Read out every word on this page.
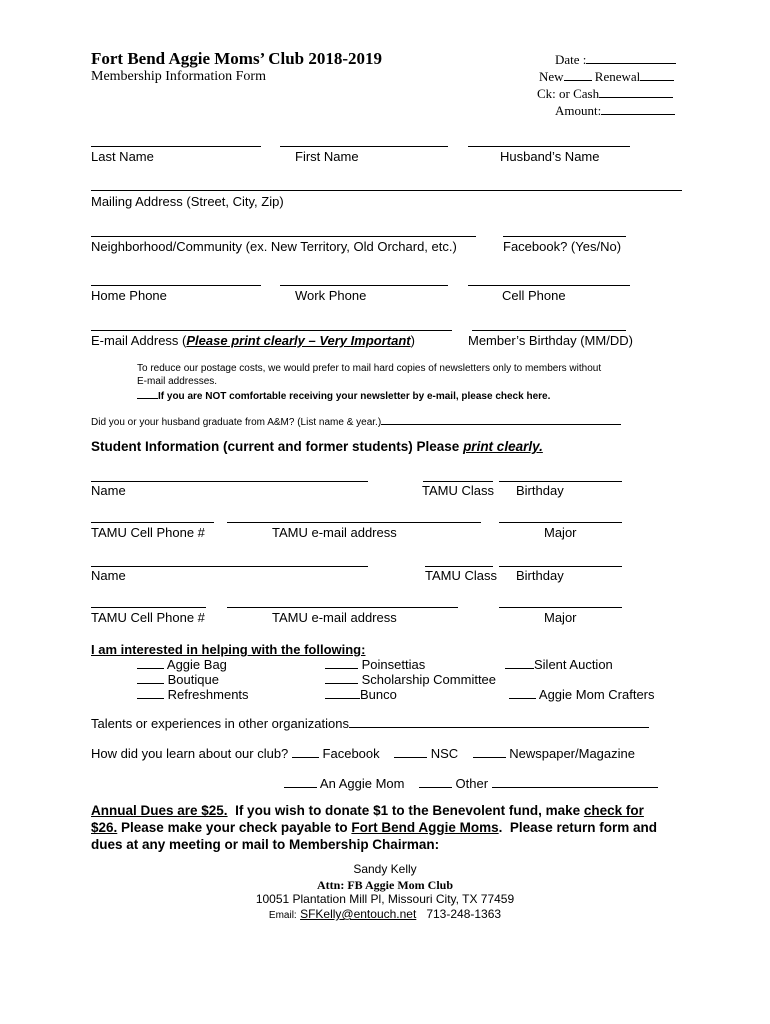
Fort Bend Aggie Moms’ Club 2018-2019
Membership Information Form
Date :
New Renewal
Ck: or Cash
Amount:
Last Name	First Name	Husband’s Name
Mailing Address (Street, City, Zip)
Neighborhood/Community (ex. New Territory, Old Orchard, etc.)	Facebook? (Yes/No)
Home Phone	Work Phone	Cell Phone
E-mail Address (Please print clearly – Very Important)	Member’s Birthday (MM/DD)
To reduce our postage costs, we would prefer to mail hard copies of newsletters only to members without
E-mail addresses.
If you are NOT comfortable receiving your newsletter by e-mail, please check here.
Did you or your husband graduate from A&M? (List name & year.)
Student Information (current and former students) Please print clearly.
Name	TAMU Class Birthday
TAMU Cell Phone #	TAMU e-mail address	Major
Name	TAMU Class Birthday
TAMU Cell Phone #	TAMU e-mail address	Major
I am interested in helping with the following:
Aggie Bag
Boutique
Refreshments
Poinsettias
Scholarship Committee
Bunco
Silent Auction
Aggie Mom Crafters
Talents or experiences in other organizations
How did you learn about our club?	Facebook	NSC	Newspaper/Magazine
An Aggie Mom	Other
Annual Dues are $25.  If you wish to donate $1 to the Benevolent fund, make check for
$26. Please make your check payable to Fort Bend Aggie Moms.  Please return form and
dues at any meeting or mail to Membership Chairman:
Sandy Kelly
Attn: FB Aggie Mom Club
10051 Plantation Mill Pl, Missouri City, TX 77459
Email: SFKelly@entouch.net 713-248-1363
